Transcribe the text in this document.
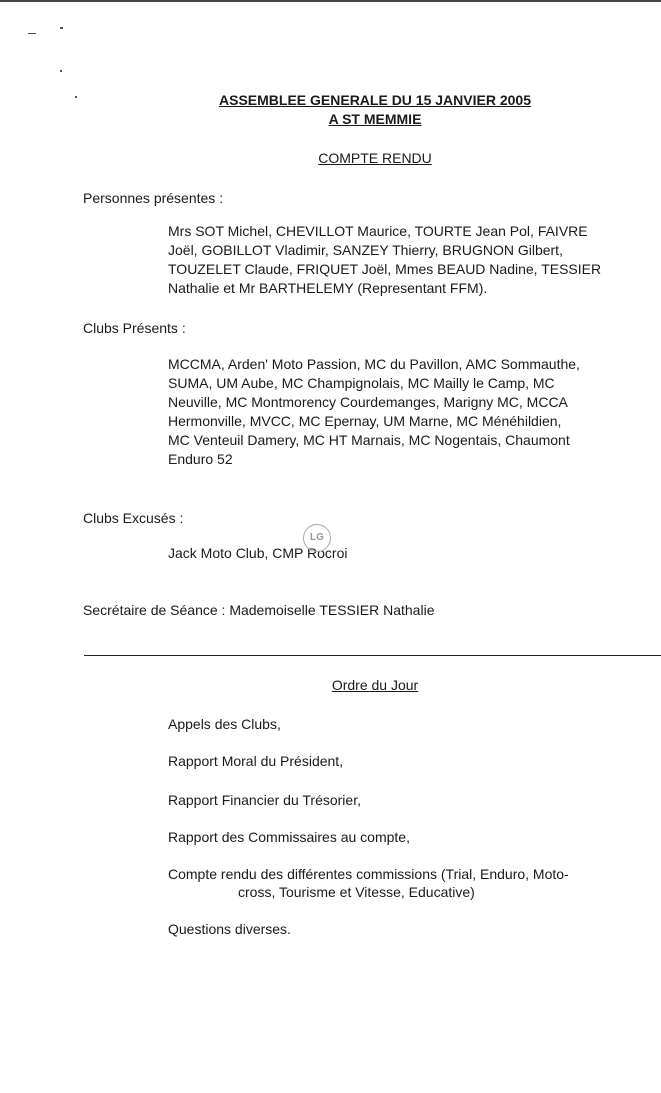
ASSEMBLEE GENERALE DU 15 JANVIER 2005
A ST MEMMIE
COMPTE RENDU
Personnes présentes :
Mrs SOT Michel, CHEVILLOT Maurice, TOURTE Jean Pol, FAIVRE
Joël, GOBILLOT Vladimir, SANZEY Thierry, BRUGNON Gilbert,
TOUZELET Claude, FRIQUET Joël, Mmes BEAUD Nadine, TESSIER
Nathalie et Mr BARTHELEMY (Representant FFM).
Clubs Présents :
MCCMA, Arden' Moto Passion, MC du Pavillon, AMC Sommauthe,
SUMA, UM Aube, MC Champignolais, MC Mailly le Camp, MC
Neuville, MC Montmorency Courdemanges, Marigny MC, MCCA
Hermonville, MVCC, MC Epernay, UM Marne, MC Ménéhildien,
MC Venteuil Damery, MC HT Marnais, MC Nogentais, Chaumont
Enduro 52
Clubs Excusés :
Jack Moto Club, CMP Rocroi
LG
Secrétaire de Séance : Mademoiselle TESSIER Nathalie
Ordre du Jour
Appels des Clubs,
Rapport Moral du Président,
Rapport Financier du Trésorier,
Rapport des Commissaires au compte,
Compte rendu des différentes commissions (Trial, Enduro, Moto-
cross, Tourisme et Vitesse, Educative)
Questions diverses.
